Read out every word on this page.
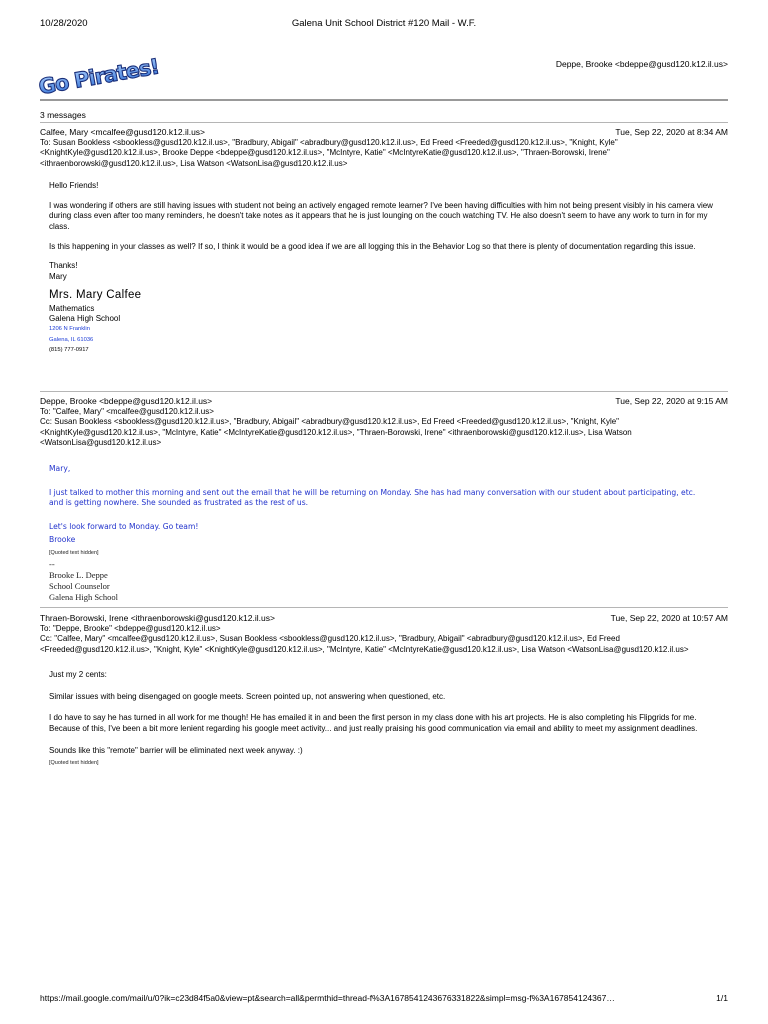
10/28/2020	Galena Unit School District #120 Mail - W.F.
Go Pirates!	Deppe, Brooke <bdeppe@gusd120.k12.il.us>
3 messages
Calfee, Mary <mcalfee@gusd120.k12.il.us>	Tue, Sep 22, 2020 at 8:34 AM
To: Susan Bookless <sbookless@gusd120.k12.il.us>, "Bradbury, Abigail" <abradbury@gusd120.k12.il.us>, Ed Freed <Freeded@gusd120.k12.il.us>, "Knight, Kyle" <KnightKyle@gusd120.k12.il.us>, Brooke Deppe <bdeppe@gusd120.k12.il.us>, "McIntyre, Katie" <McIntyreKatie@gusd120.k12.il.us>, "Thraen-Borowski, Irene" <ithraenborowski@gusd120.k12.il.us>, Lisa Watson <WatsonLisa@gusd120.k12.il.us>

Hello Friends!

I was wondering if others are still having issues with student not being an actively engaged remote learner? I've been having difficulties with him not being present visibly in his camera view during class even after too many reminders, he doesn't take notes as it appears that he is just lounging on the couch watching TV. He also doesn't seem to have any work to turn in for my class.

Is this happening in your classes as well? If so, I think it would be a good idea if we are all logging this in the Behavior Log so that there is plenty of documentation regarding this issue.

Thanks!

Mary

Mrs. Mary Calfee
Mathematics
Galena High School
1206 N Franklin
Galena, IL 61036
(815) 777-0917
Deppe, Brooke <bdeppe@gusd120.k12.il.us>	Tue, Sep 22, 2020 at 9:15 AM
To: "Calfee, Mary" <mcalfee@gusd120.k12.il.us>
Cc: Susan Bookless <sbookless@gusd120.k12.il.us>, "Bradbury, Abigail" <abradbury@gusd120.k12.il.us>, Ed Freed <Freeded@gusd120.k12.il.us>, "Knight, Kyle" <KnightKyle@gusd120.k12.il.us>, "McIntyre, Katie" <McIntyreKatie@gusd120.k12.il.us>, "Thraen-Borowski, Irene" <ithraenborowski@gusd120.k12.il.us>, Lisa Watson <WatsonLisa@gusd120.k12.il.us>

Mary,

I just talked to mother this morning and sent out the email that he will be returning on Monday. She has had many conversation with our student about participating, etc.

and is getting nowhere. She sounded as frustrated as the rest of us.

Let's look forward to Monday. Go team!

Brooke

[Quoted text hidden]
--
Brooke L. Deppe
School Counselor
Galena High School
Thraen-Borowski, Irene <ithraenborowski@gusd120.k12.il.us>	Tue, Sep 22, 2020 at 10:57 AM
To: "Deppe, Brooke" <bdeppe@gusd120.k12.il.us>
Cc: "Calfee, Mary" <mcalfee@gusd120.k12.il.us>, Susan Bookless <sbookless@gusd120.k12.il.us>, "Bradbury, Abigail" <abradbury@gusd120.k12.il.us>, Ed Freed <Freeded@gusd120.k12.il.us>, "Knight, Kyle" <KnightKyle@gusd120.k12.il.us>, "McIntyre, Katie" <McIntyreKatie@gusd120.k12.il.us>, Lisa Watson <WatsonLisa@gusd120.k12.il.us>

Just my 2 cents:

Similar issues with being disengaged on google meets. Screen pointed up, not answering when questioned, etc.

I do have to say he has turned in all work for me though! He has emailed it in and been the first person in my class done with his art projects. He is also completing his Flipgrids for me. Because of this, I've been a bit more lenient regarding his google meet activity... and just really praising his good communication via email and ability to meet my assignment deadlines.

Sounds like this "remote" barrier will be eliminated next week anyway. :)

[Quoted text hidden]
https://mail.google.com/mail/u/0?ik=c23d84f5a0&view=pt&search=all&permthid=thread-f%3A1678541243676331822&simpl=msg-f%3A167854124367…	1/1
